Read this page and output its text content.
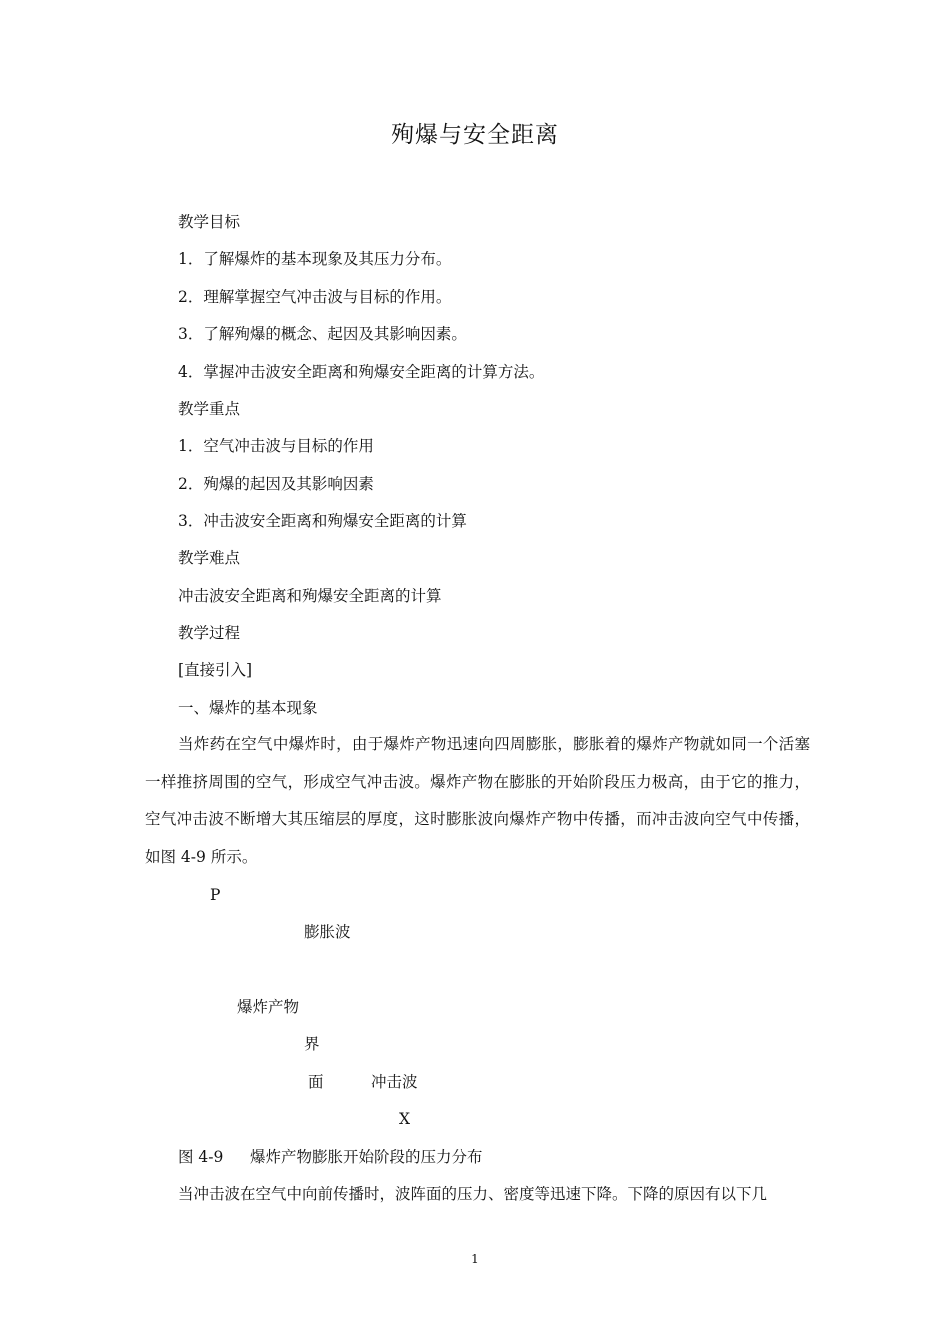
殉爆与安全距离
教学目标
1．了解爆炸的基本现象及其压力分布。
2．理解掌握空气冲击波与目标的作用。
3．了解殉爆的概念、起因及其影响因素。
4．掌握冲击波安全距离和殉爆安全距离的计算方法。
教学重点
1．空气冲击波与目标的作用
2．殉爆的起因及其影响因素
3．冲击波安全距离和殉爆安全距离的计算
教学难点
冲击波安全距离和殉爆安全距离的计算
教学过程
[直接引入]
一、爆炸的基本现象
当炸药在空气中爆炸时，由于爆炸产物迅速向四周膨胀，膨胀着的爆炸产物就如同一个活塞一样推挤周围的空气，形成空气冲击波。爆炸产物在膨胀的开始阶段压力极高，由于它的推力，空气冲击波不断增大其压缩层的厚度，这时膨胀波向爆炸产物中传播，而冲击波向空气中传播，如图 4-9 所示。
P
膨胀波
爆炸产物
界
面	冲击波
X
图 4-9 爆炸产物膨胀开始阶段的压力分布
当冲击波在空气中向前传播时，波阵面的压力、密度等迅速下降。下降的原因有以下几
1
